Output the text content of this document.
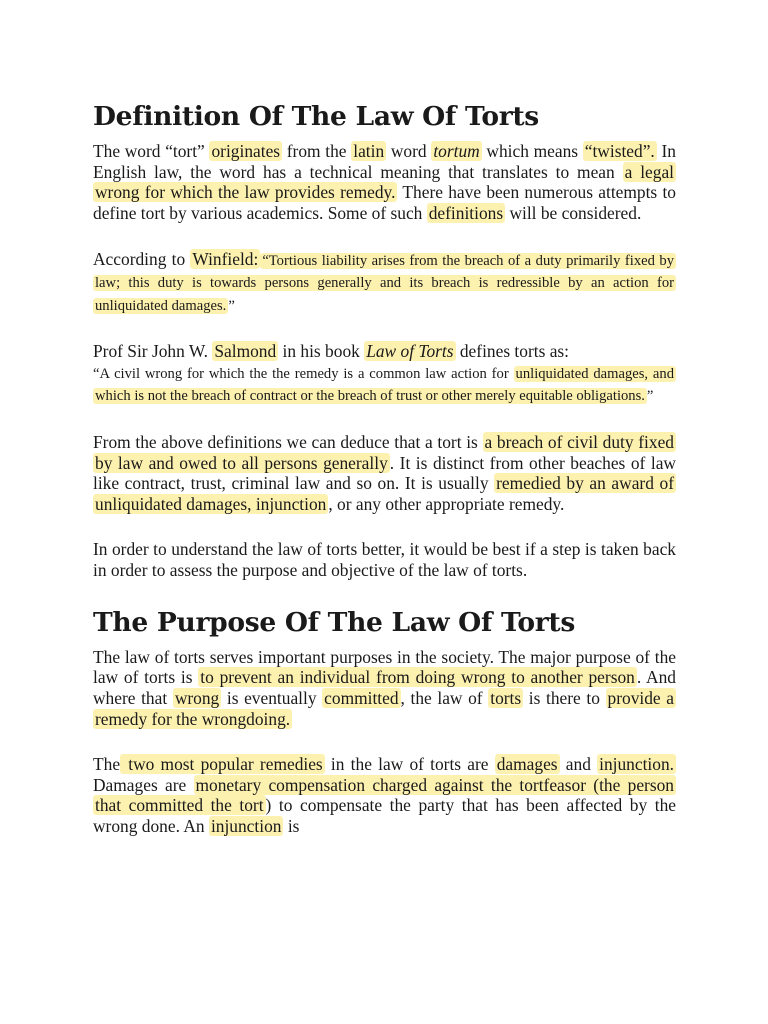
Definition Of The Law Of Torts

The word “tort” originates from the latin word tortum which means “twisted”. In English law, the word has a technical meaning that translates to mean a legal wrong for which the law provides remedy. There have been numerous attempts to define tort by various academics. Some of such definitions will be considered.

According to Winfield: “Tortious liability arises from the breach of a duty primarily fixed by law; this duty is towards persons generally and its breach is redressible by an action for unliquidated damages. ”

Prof Sir John W. Salmond in his book Law of Torts defines torts as:
“A civil wrong for which the the remedy is a common law action for unliquidated damages, and which is not the breach of contract or the breach of trust or other merely equitable obligations. ”

From the above definitions we can deduce that a tort is a breach of civil duty fixed by law and owed to all persons generally . It is distinct from other beaches of law like contract, trust, criminal law and so on. It is usually remedied by an award of unliquidated damages, injunction , or any other appropriate remedy.

In order to understand the law of torts better, it would be best if a step is taken back in order to assess the purpose and objective of the law of torts.

The Purpose Of The Law Of Torts

The law of torts serves important purposes in the society. The major purpose of the law of torts is to prevent an individual from doing wrong to another person . And where that wrong is eventually committed , the law of torts is there to provide a remedy for the wrongdoing.

The two most popular remedies in the law of torts are damages and injunction. Damages are monetary compensation charged against the tortfeasor (the person that committed the tort ) to compensate the party that has been affected by the wrong done. An injunction is
